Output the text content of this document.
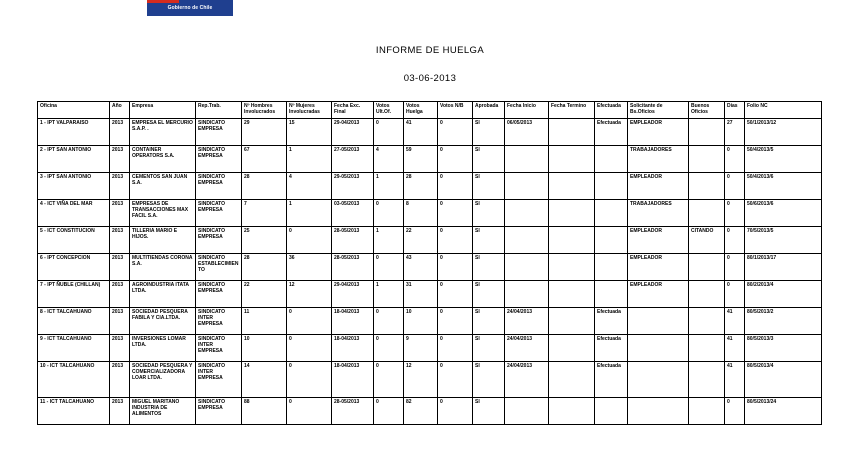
Gobierno de Chile
INFORME DE HUELGA
03-06-2013
Oficina	Año	Empresa	Rep.Trab.	Nº Hombres Involucrados	Nº Mujeres Involucradas	Fecha Exc. Final	Votos Ult.Of.	Votos Huelga	Votos N/B	Aprobada	Fecha Inicio	Fecha Termino	Efectuada	Solicitante de Bs.Oficios	Buenos Oficios	Días	Folio NC
1 - IPT VALPARAISO	2013	EMPRESA EL MERCURIO S.A.P. .	SINDICATO EMPRESA	29	15	29-04/2013	0	41	0	SI	06/05/2013		Efectuada	EMPLEADOR		27	50/1/2013/12
2 - IPT SAN ANTONIO	2013	CONTAINER OPERATORS S.A.	SINDICATO EMPRESA	67	1	27-05/2013	4	59	0	SI				TRABAJADORES		0	50/4/2013/5
3 - IPT SAN ANTONIO	2013	CEMENTOS SAN JUAN S.A.	SINDICATO EMPRESA	28	4	29-05/2013	1	28	0	SI				EMPLEADOR		0	50/4/2013/6
4 - ICT VIÑA DEL MAR	2013	EMPRESAS DE TRANSACCIONES MAX FACIL S.A.	SINDICATO EMPRESA	7	1	03-05/2013	0	8	0	SI				TRABAJADORES		0	50/6/2013/6
5 - ICT CONSTITUCION	2013	TILLERIA MARIO E HIJOS.	SINDICATO EMPRESA	25	0	28-05/2013	1	22	0	SI				EMPLEADOR	CITANDO	0	70/5/2013/5
6 - IPT CONCEPCION	2013	MULTITIENDAS CORONA S.A.	SINDICATO ESTABLECIMIENTO	28	36	28-05/2013	0	43	0	SI				EMPLEADOR		0	80/1/2013/17
7 - IPT ÑUBLE (CHILLAN)	2013	AGROINDUSTRIA ITATA LTDA.	SINDICATO EMPRESA	22	12	29-04/2013	1	31	0	SI				EMPLEADOR		0	80/2/2013/4
8 - ICT TALCAHUANO	2013	SOCIEDAD PESQUERA FABILA Y CIA.LTDA.	SINDICATO INTER EMPRESA	11	0	18-04/2013	0	10	0	SI	24/04/2013		Efectuada			41	80/5/2013/2
9 - ICT TALCAHUANO	2013	INVERSIONES LOMAR LTDA.	SINDICATO INTER EMPRESA	10	0	18-04/2013	0	9	0	SI	24/04/2013		Efectuada			41	80/5/2013/3
10 - ICT TALCAHUANO	2013	SOCIEDAD PESQUERA Y COMERCIALIZADORA LOAR LTDA.	SINDICATO INTER EMPRESA	14	0	18-04/2013	0	12	0	SI	24/04/2013		Efectuada			41	80/5/2013/4
11 - ICT TALCAHUANO	2013	MIGUEL MARITANO INDUSTRIA DE ALIMENTOS	SINDICATO EMPRESA	88	0	28-05/2013	0	82	0	SI						0	80/5/2013/24
